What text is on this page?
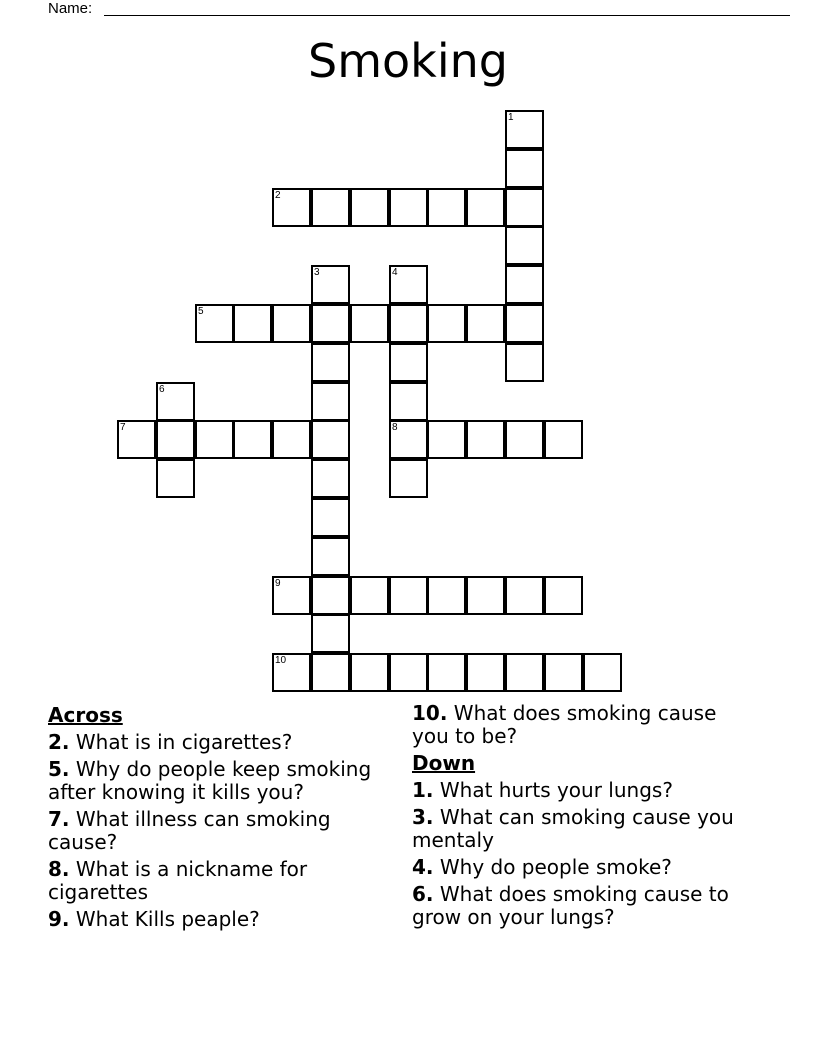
Name:
Smoking
1
2
3	4
5
6
7	8
9
10
Across
2. What is in cigarettes?
5. Why do people keep smoking after knowing it kills you?
7. What illness can smoking cause?
8. What is a nickname for cigarettes
9. What Kills peaple?
10. What does smoking cause you to be?
Down
1. What hurts your lungs?
3. What can smoking cause you mentaly
4. Why do people smoke?
6. What does smoking cause to grow on your lungs?
